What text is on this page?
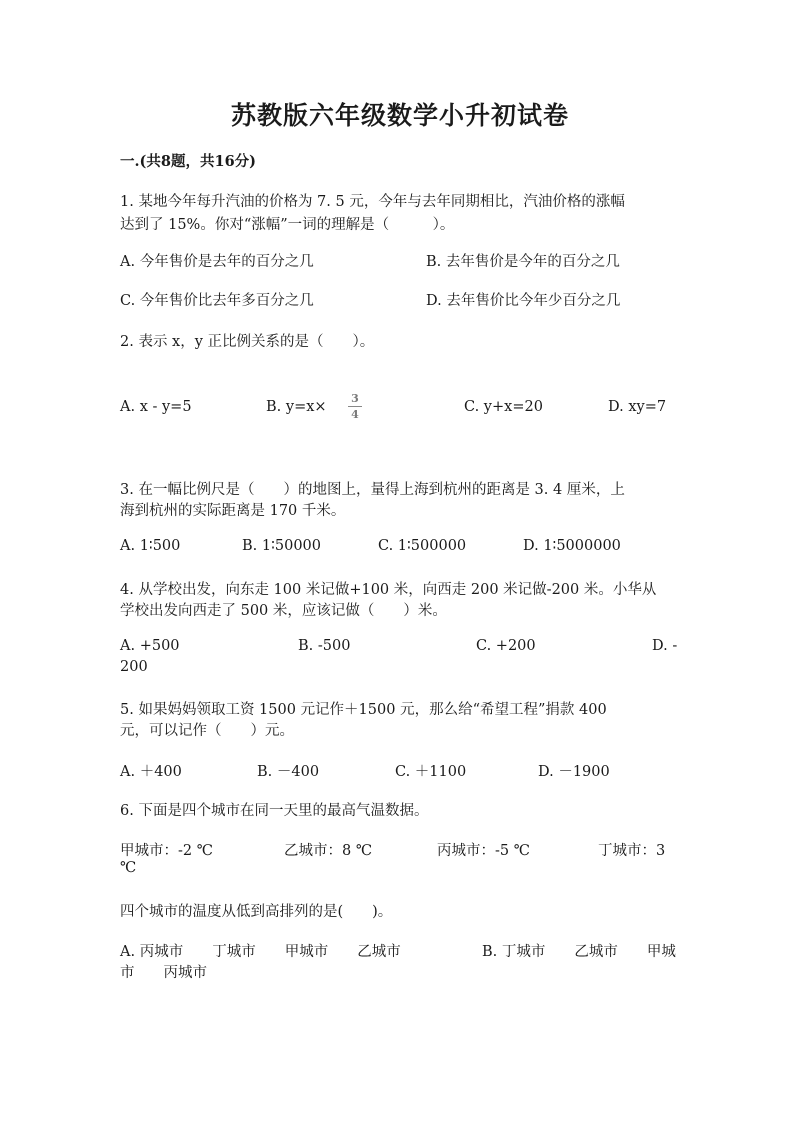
苏教版六年级数学小升初试卷
一.(共8题，共16分)
1. 某地今年每升汽油的价格为 7. 5 元，今年与去年同期相比，汽油价格的涨幅
达到了 15%。你对“涨幅”一词的理解是（　　　）。
A. 今年售价是去年的百分之几	B. 去年售价是今年的百分之几
C. 今年售价比去年多百分之几	D. 去年售价比今年少百分之几
2. 表示 x，y 正比例关系的是（　　）。
A. x - y=5	B. y=x×
3
4	C. y+x=20	D. xy=7
3. 在一幅比例尺是（　　）的地图上，量得上海到杭州的距离是 3. 4 厘米，上
海到杭州的实际距离是 170 千米。
A. 1∶500	B. 1∶50000	C. 1∶500000	D. 1∶5000000
4. 从学校出发，向东走 100 米记做+100 米，向西走 200 米记做-200 米。小华从
学校出发向西走了 500 米，应该记做（　　）米。
A. +500	B. -500	C. +200	D. -
200
5. 如果妈妈领取工资 1500 元记作＋1500 元，那么给“希望工程”捐款 400
元，可以记作（　　）元。
A. ＋400	B. －400	C. ＋1100	D. －1900
6. 下面是四个城市在同一天里的最高气温数据。
甲城市：-2 ℃	乙城市：8 ℃	丙城市：-5 ℃	丁城市：3
℃
四个城市的温度从低到高排列的是(　　)。
A. 丙城市　　丁城市　　甲城市　　乙城市	B. 丁城市　　乙城市　　甲城
市　　丙城市
